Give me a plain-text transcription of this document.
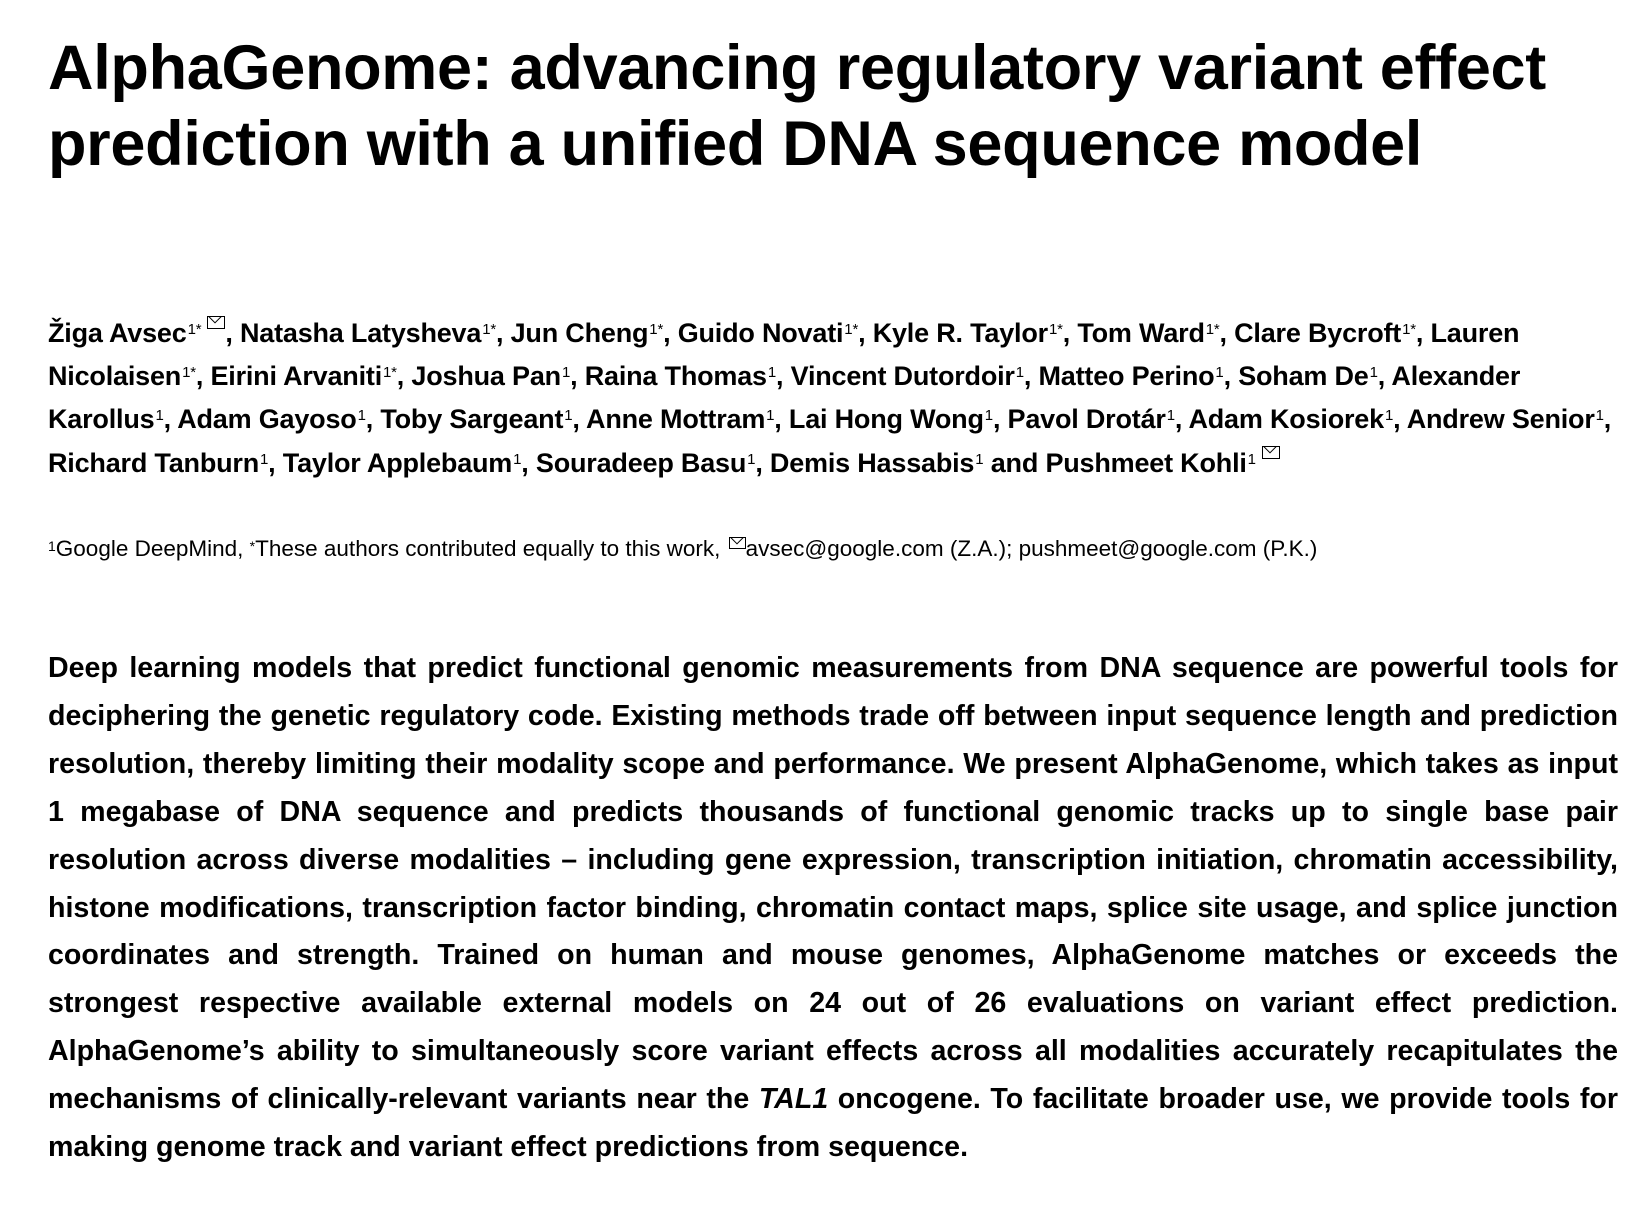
AlphaGenome: advancing regulatory variant effect prediction with a unified DNA sequence model
Žiga Avsec$^{1*}$ , Natasha Latysheva$^{1*}$, Jun Cheng$^{1*}$, Guido Novati$^{1*}$, Kyle R. Taylor$^{1*}$, Tom Ward$^{1*}$, Clare Bycroft$^{1*}$, Lauren Nicolaisen$^{1*}$, Eirini Arvaniti$^{1*}$, Joshua Pan$^1$, Raina Thomas$^1$, Vincent Dutordoir$^1$, Matteo Perino$^1$, Soham De$^1$, Alexander Karollus$^1$, Adam Gayoso$^1$, Toby Sargeant$^1$, Anne Mottram$^1$, Lai Hong Wong$^1$, Pavol Drotár$^1$, Adam Kosiorek$^1$, Andrew Senior$^1$, Richard Tanburn$^1$, Taylor Applebaum$^1$, Souradeep Basu$^1$, Demis Hassabis$^1$ and Pushmeet Kohli$^1$
$^1$Google DeepMind, *These authors contributed equally to this work, avsec@google.com (Z.A.); pushmeet@google.com (P.K.)

Deep learning models that predict functional genomic measurements from DNA sequence are powerful tools for deciphering the genetic regulatory code. Existing methods trade off between input sequence length and prediction resolution, thereby limiting their modality scope and performance. We present AlphaGenome, which takes as input 1 megabase of DNA sequence and predicts thousands of functional genomic tracks up to single base pair resolution across diverse modalities – including gene expression, transcription initiation, chromatin accessibility, histone modifications, transcription factor binding, chromatin contact maps, splice site usage, and splice junction coordinates and strength. Trained on human and mouse genomes, AlphaGenome matches or exceeds the strongest respective available external models on 24 out of 26 evaluations on variant effect prediction. AlphaGenome’s ability to simultaneously score variant effects across all modalities accurately recapitulates the mechanisms of clinically-relevant variants near the TAL1 oncogene. To facilitate broader use, we provide tools for making genome track and variant effect predictions from sequence.
